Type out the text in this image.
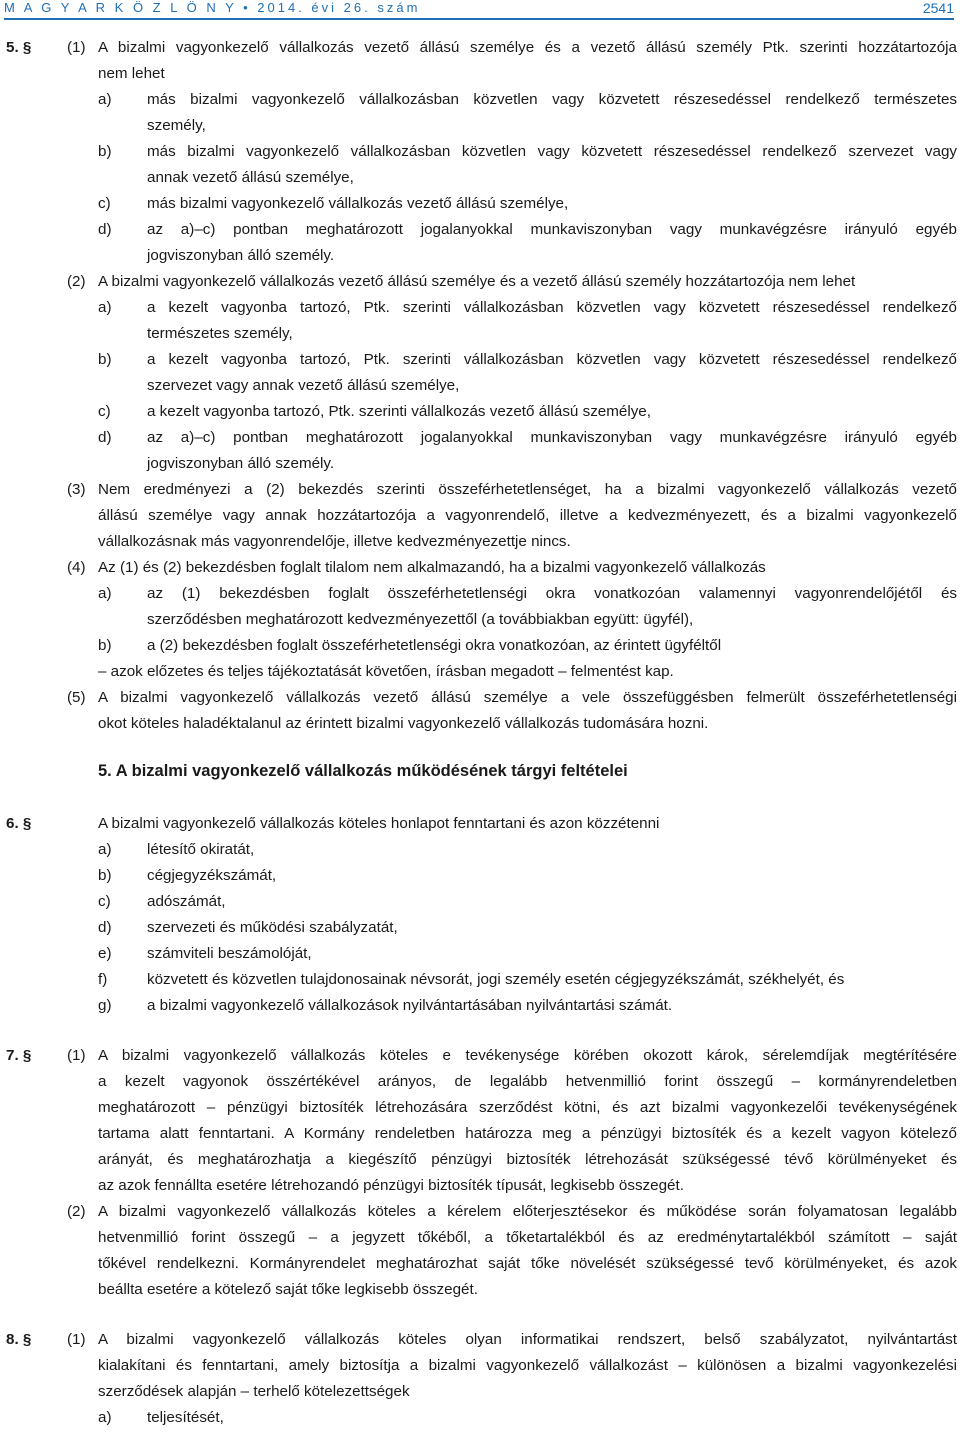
M A G Y A R K Ö Z L Ö N Y • 2014. évi 26. szám	2541
5. § (1) A bizalmi vagyonkezelő vállalkozás vezető állású személye és a vezető állású személy Ptk. szerinti hozzátartozója
nem lehet
a) más bizalmi vagyonkezelő vállalkozásban közvetlen vagy közvetett részesedéssel rendelkező természetes
személy,
b) más bizalmi vagyonkezelő vállalkozásban közvetlen vagy közvetett részesedéssel rendelkező szervezet vagy
annak vezető állású személye,
c) más bizalmi vagyonkezelő vállalkozás vezető állású személye,
d) az a)–c) pontban meghatározott jogalanyokkal munkaviszonyban vagy munkavégzésre irányuló egyéb
jogviszonyban álló személy.
(2) A bizalmi vagyonkezelő vállalkozás vezető állású személye és a vezető állású személy hozzátartozója nem lehet
a) a kezelt vagyonba tartozó, Ptk. szerinti vállalkozásban közvetlen vagy közvetett részesedéssel rendelkező
természetes személy,
b) a kezelt vagyonba tartozó, Ptk. szerinti vállalkozásban közvetlen vagy közvetett részesedéssel rendelkező
szervezet vagy annak vezető állású személye,
c) a kezelt vagyonba tartozó, Ptk. szerinti vállalkozás vezető állású személye,
d) az a)–c) pontban meghatározott jogalanyokkal munkaviszonyban vagy munkavégzésre irányuló egyéb
jogviszonyban álló személy.
(3) Nem eredményezi a (2) bekezdés szerinti összeférhetetlenséget, ha a bizalmi vagyonkezelő vállalkozás vezető
állású személye vagy annak hozzátartozója a vagyonrendelő, illetve a kedvezményezett, és a bizalmi vagyonkezelő
vállalkozásnak más vagyonrendelője, illetve kedvezményezettje nincs.
(4) Az (1) és (2) bekezdésben foglalt tilalom nem alkalmazandó, ha a bizalmi vagyonkezelő vállalkozás
a) az (1) bekezdésben foglalt összeférhetetlenségi okra vonatkozóan valamennyi vagyonrendelőjétől és
szerződésben meghatározott kedvezményezettől (a továbbiakban együtt: ügyfél),
b) a (2) bekezdésben foglalt összeférhetetlenségi okra vonatkozóan, az érintett ügyféltől
– azok előzetes és teljes tájékoztatását követően, írásban megadott – felmentést kap.
(5) A bizalmi vagyonkezelő vállalkozás vezető állású személye a vele összefüggésben felmerült összeférhetetlenségi
okot köteles haladéktalanul az érintett bizalmi vagyonkezelő vállalkozás tudomására hozni.
5. A bizalmi vagyonkezelő vállalkozás működésének tárgyi feltételei
6. §	A bizalmi vagyonkezelő vállalkozás köteles honlapot fenntartani és azon közzétenni
a) létesítő okiratát,
b) cégjegyzékszámát,
c) adószámát,
d) szervezeti és működési szabályzatát,
e) számviteli beszámolóját,
f)	közvetett és közvetlen tulajdonosainak névsorát, jogi személy esetén cégjegyzékszámát, székhelyét, és
g) a bizalmi vagyonkezelő vállalkozások nyilvántartásában nyilvántartási számát.
7. § (1) A bizalmi vagyonkezelő vállalkozás köteles e tevékenysége körében okozott károk, sérelemdíjak megtérítésére
a kezelt vagyonok összértékével arányos, de legalább hetvenmillió forint összegű – kormányrendeletben
meghatározott – pénzügyi biztosíték létrehozására szerződést kötni, és azt bizalmi vagyonkezelői tevékenységének
tartama alatt fenntartani. A Kormány rendeletben határozza meg a pénzügyi biztosíték és a kezelt vagyon kötelező
arányát, és meghatározhatja a kiegészítő pénzügyi biztosíték létrehozását szükségessé tévő körülményeket és
az azok fennállta esetére létrehozandó pénzügyi biztosíték típusát, legkisebb összegét.
(2) A bizalmi vagyonkezelő vállalkozás köteles a kérelem előterjesztésekor és működése során folyamatosan legalább
hetvenmillió forint összegű – a jegyzett tőkéből, a tőketartalékból és az eredménytartalékból számított – saját
tőkével rendelkezni. Kormányrendelet meghatározhat saját tőke növelését szükségessé tevő körülményeket, és azok
beállta esetére a kötelező saját tőke legkisebb összegét.
8. § (1) A bizalmi vagyonkezelő vállalkozás köteles olyan informatikai rendszert, belső szabályzatot, nyilvántartást
kialakítani és fenntartani, amely biztosítja a bizalmi vagyonkezelő vállalkozást – különösen a bizalmi vagyonkezelési
szerződések alapján – terhelő kötelezettségek
a) teljesítését,
